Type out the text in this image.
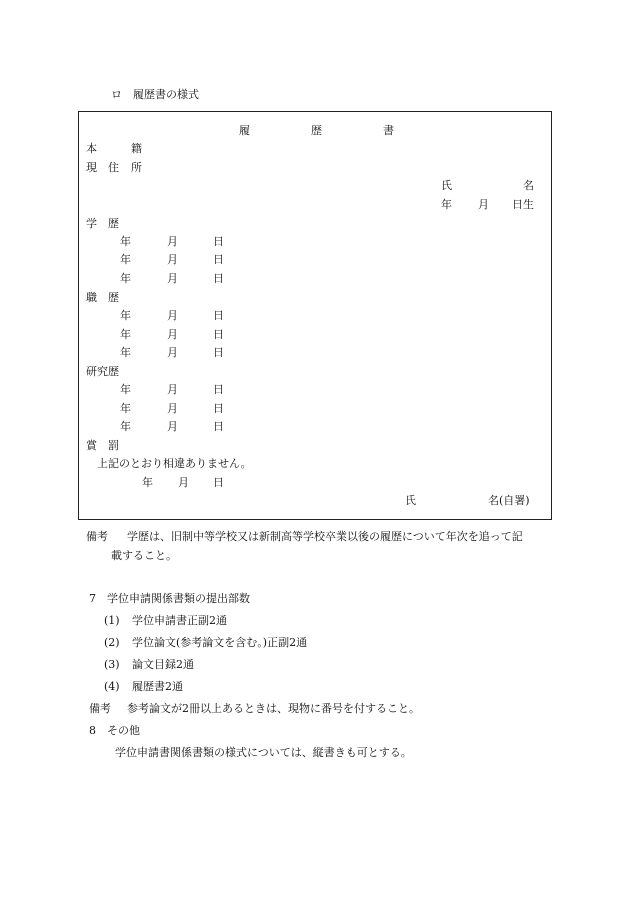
ロ　履歴書の様式
履	歴	書
本	籍
現 住 所
氏	名
年 月 日生
学 歴
年	月	日
年	月	日
年	月	日
職 歴
年	月	日
年	月	日
年	月	日
研究歴
年	月	日
年	月	日
年	月	日
賞 罰
上記のとおり相違ありません。
年 月 日
氏	名(自署)
備考 学歴は、旧制中等学校又は新制高等学校卒業以後の履歴について年次を追って記
載すること。
7　学位申請関係書類の提出部数
(1) 学位申請書正副2通
(2) 学位論文(参考論文を含む。)正副2通
(3) 論文目録2通
(4) 履歴書2通
備考 参考論文が2冊以上あるときは、現物に番号を付すること。
8　その他
学位申請書関係書類の様式については、縦書きも可とする。
